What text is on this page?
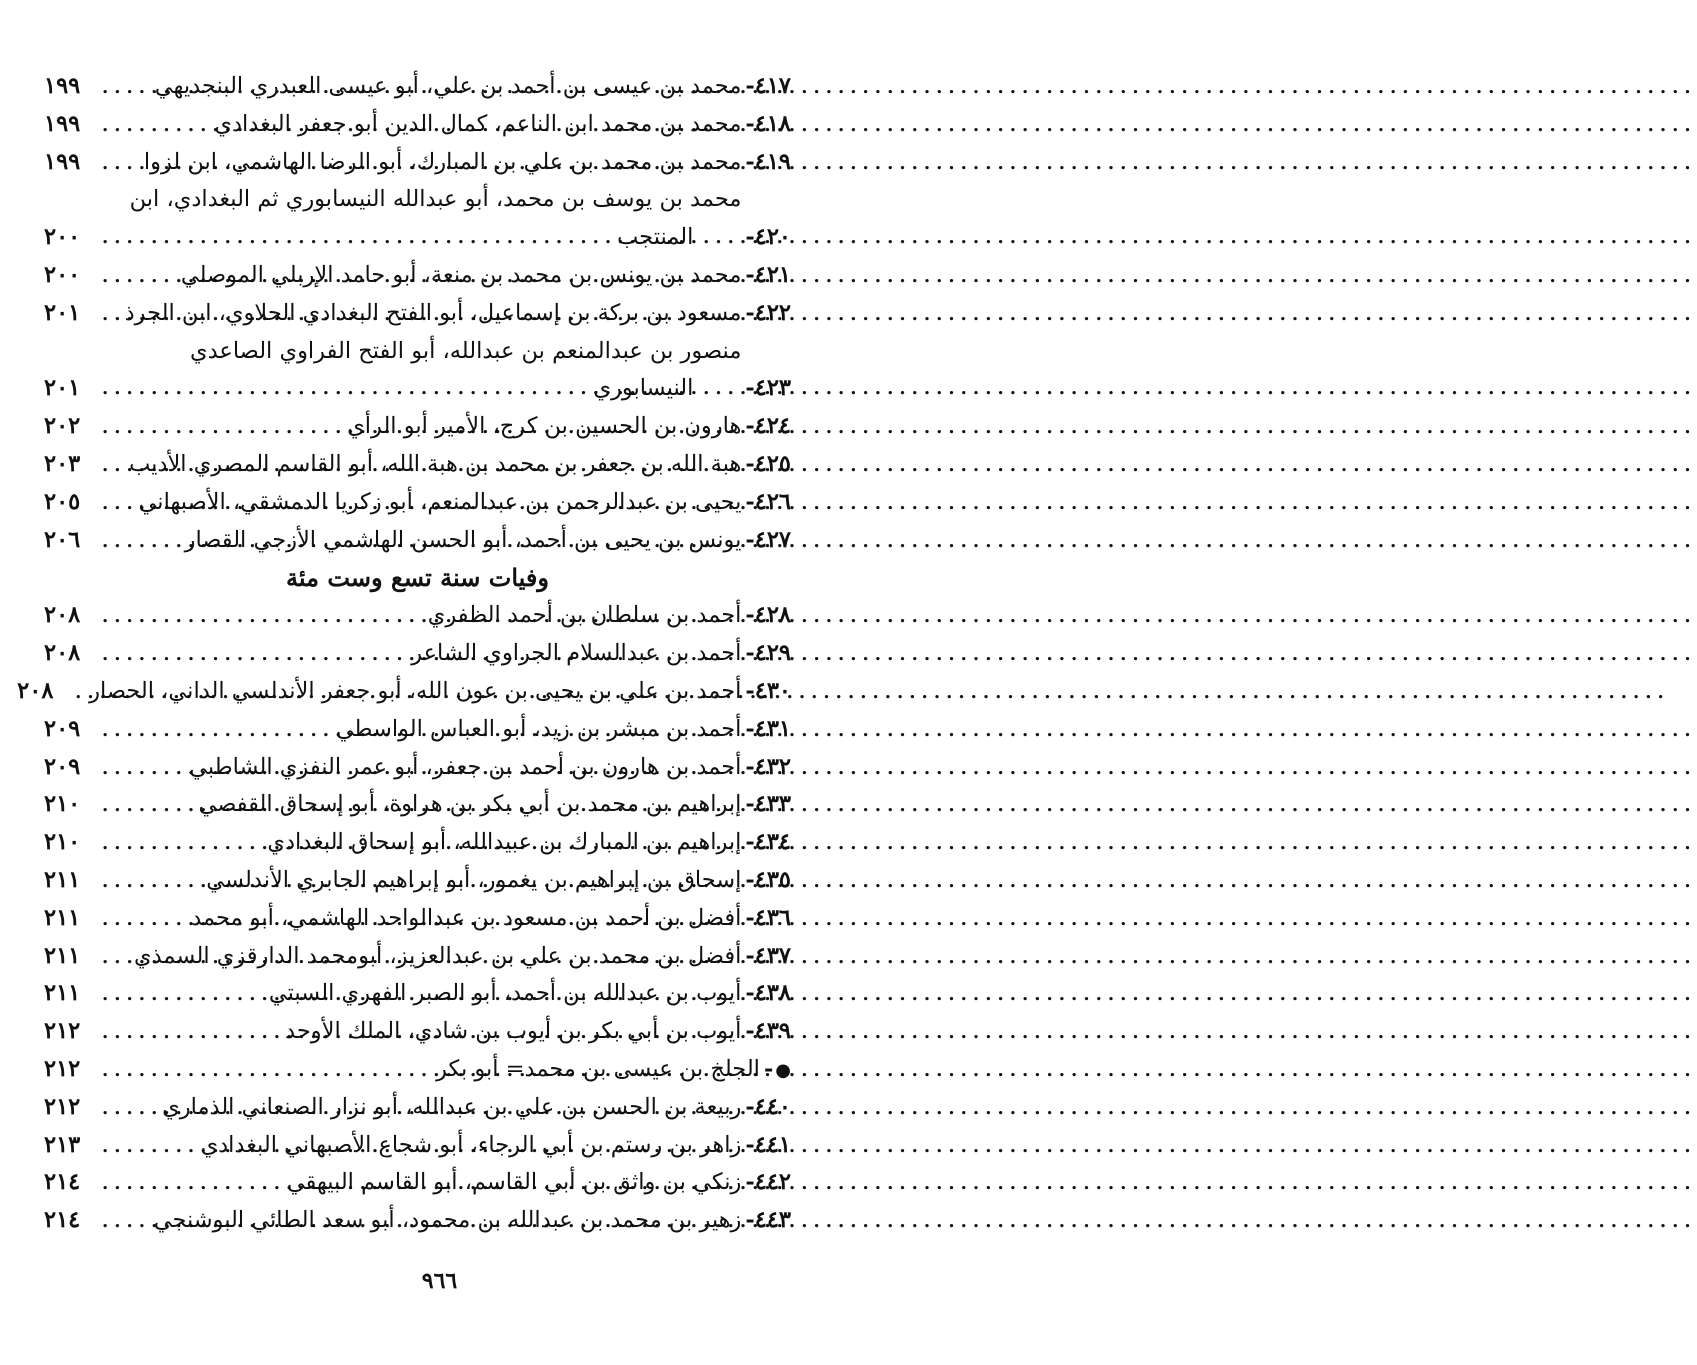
٤١٧
-
محمد بن عيسى بن أحمد بن علي، أبو عيسى العبدري البنجديهي
.....
١٩٩
٤١٨
-
محمد بن محمد ابن الناعم، كمال الدين أبو جعفر البغدادي
.....
١٩٩
٤١٩
-
محمد بن محمد بن علي بن المبارك، أبو الرضا الهاشمي، ابن لزوا
.....
١٩٩
٤٢٠
-
محمد بن يوسف بن محمد، أبو عبدالله النيسابوري ثم البغدادي، ابن
المنتجب
.....
٢٠٠
٤٢١
-
محمد بن يونس بن محمد بن منعة، أبو حامد الإربلي الموصلي
.....
٢٠٠
٤٢٢
-
مسعود بن بركة بن إسماعيل، أبو الفتح البغدادي الحلاوي، ابن الجرذ
.....
٢٠١
٤٢٣
-
منصور بن عبدالمنعم بن عبدالله، أبو الفتح الفراوي الصاعدي
النيسابوري
.....
٢٠١
٤٢٤
-
هارون بن الحسين بن كرج، الأمير أبو الرأي
.....
٢٠٢
٤٢٥
-
هبة الله بن جعفر بن محمد بن هبة الله، أبو القاسم المصري الأديب
.....
٢٠٣
٤٢٦
-
يحيى بن عبدالرحمن بن عبدالمنعم، أبو زكريا الدمشقي، الأصبهاني
.....
٢٠٥
٤٢٧
-
يونس بن يحيى بن أحمد، أبو الحسن الهاشمي الأزجي القصار
.....
٢٠٦
وفيات سنة تسع وست مئة
٤٢٨
-
أحمد بن سلطان بن أحمد الظفري
.....
٢٠٨
٤٢٩
-
أحمد بن عبدالسلام الجراوي الشاعر
.....
٢٠٨
٤٣٠
-
أحمد بن علي بن يحيى بن عون الله، أبو جعفر الأندلسي الداني، الحصار
.....
٢٠٨
٤٣١
-
أحمد بن مبشر بن زيد، أبو العباس الواسطي
.....
٢٠٩
٤٣٢
-
أحمد بن هارون بن أحمد بن جعفر، أبو عمر النفزي الشاطبي
.....
٢٠٩
٤٣٣
-
إبراهيم بن محمد بن أبي بكر بن هراوة، أبو إسحاق القفصي
.....
٢١٠
٤٣٤
-
إبراهيم بن المبارك بن عبيدالله، أبو إسحاق البغدادي
.....
٢١٠
٤٣٥
-
إسحاق بن إبراهيم بن يغمور، أبو إبراهيم الجابري الأندلسي
.....
٢١١
٤٣٦
-
أفضل بن أحمد بن مسعود بن عبدالواحد الهاشمي، أبو محمد
.....
٢١١
٤٣٧
-
أفضل بن محمد بن علي بن عبدالعزيز، أبومحمد الدارقزي السمذي
.....
٢١١
٤٣٨
-
أيوب بن عبدالله بن أحمد، أبو الصبر الفهري السبتي
.....
٢١١
٤٣٩
-
أيوب بن أبي بكر بن أيوب بن شادي، الملك الأوحد
.....
٢١٢
●
-
الجلخ بن عيسى بن محمد= أبو بكر
.....
٢١٢
٤٤٠
-
ربيعة بن الحسن بن علي بن عبدالله، أبو نزار الصنعاني الذماري
.....
٢١٢
٤٤١
-
زاهر بن رستم بن أبي الرجاء، أبو شجاع الأصبهاني البغدادي
.....
٢١٣
٤٤٢
-
زنكي بن واثق بن أبي القاسم، أبو القاسم البيهقي
.....
٢١٤
٤٤٣
-
زهير بن محمد بن عبدالله بن محمود، أبو سعد الطائي البوشنجي
.....
٢١٤
٩٦٦
